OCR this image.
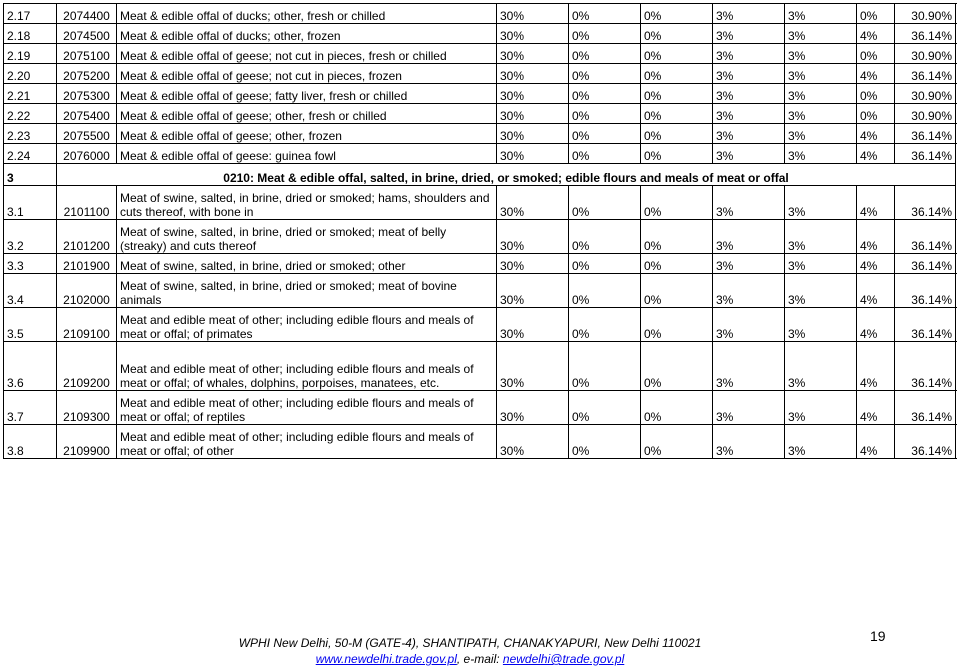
2.17	2074400	Meat & edible offal of ducks; other, fresh or chilled	30%	0%	0%	3%	3%	0%	30.90%
2.18	2074500	Meat & edible offal of ducks; other, frozen	30%	0%	0%	3%	3%	4%	36.14%
2.19	2075100	Meat & edible offal of geese; not cut in pieces, fresh or chilled	30%	0%	0%	3%	3%	0%	30.90%
2.20	2075200	Meat & edible offal of geese; not cut in pieces, frozen	30%	0%	0%	3%	3%	4%	36.14%
2.21	2075300	Meat & edible offal of geese; fatty liver, fresh or chilled	30%	0%	0%	3%	3%	0%	30.90%
2.22	2075400	Meat & edible offal of geese; other, fresh or chilled	30%	0%	0%	3%	3%	0%	30.90%
2.23	2075500	Meat & edible offal of geese; other, frozen	30%	0%	0%	3%	3%	4%	36.14%
2.24	2076000	Meat & edible offal of geese: guinea fowl	30%	0%	0%	3%	3%	4%	36.14%
3	0210: Meat & edible offal, salted, in brine, dried, or smoked; edible flours and meals of meat or offal								
3.1	2101100	Meat of swine, salted, in brine, dried or smoked; hams, shoulders and cuts thereof, with bone in	30%	0%	0%	3%	3%	4%	36.14%
3.2	2101200	Meat of swine, salted, in brine, dried or smoked; meat of belly (streaky) and cuts thereof	30%	0%	0%	3%	3%	4%	36.14%
3.3	2101900	Meat of swine, salted, in brine, dried or smoked; other	30%	0%	0%	3%	3%	4%	36.14%
3.4	2102000	Meat of swine, salted, in brine, dried or smoked; meat of bovine animals	30%	0%	0%	3%	3%	4%	36.14%
3.5	2109100	Meat and edible meat of other; including edible flours and meals of meat or offal; of primates	30%	0%	0%	3%	3%	4%	36.14%
3.6	2109200	Meat and edible meat of other; including edible flours and meals of meat or offal; of whales, dolphins, porpoises, manatees, etc.	30%	0%	0%	3%	3%	4%	36.14%
3.7	2109300	Meat and edible meat of other; including edible flours and meals of meat or offal; of reptiles	30%	0%	0%	3%	3%	4%	36.14%
3.8	2109900	Meat and edible meat of other; including edible flours and meals of meat or offal; of other	30%	0%	0%	3%	3%	4%	36.14%
WPHI New Delhi, 50-M (GATE-4), SHANTIPATH, CHANAKYAPURI, New Delhi 110021
www.newdelhi.trade.gov.pl, e-mail: newdelhi@trade.gov.pl
19
